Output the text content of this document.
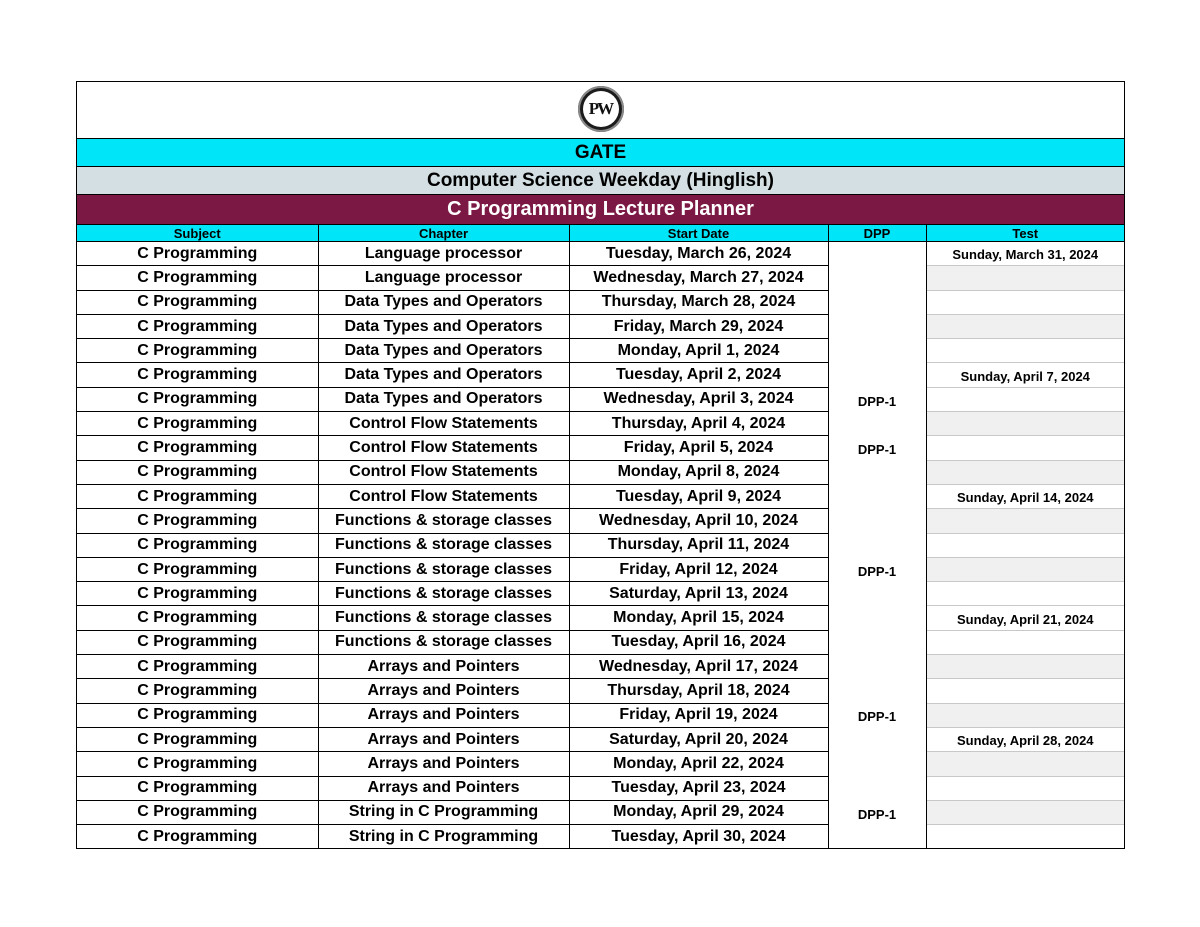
PW
GATE
Computer Science Weekday (Hinglish)
C Programming Lecture Planner
Subject	Chapter	Start Date	DPP	Test
C Programming	Language processor	Tuesday, March 26, 2024		Sunday, March 31, 2024
C Programming	Language processor	Wednesday, March 27, 2024		
C Programming	Data Types and Operators	Thursday, March 28, 2024		
C Programming	Data Types and Operators	Friday, March 29, 2024		
C Programming	Data Types and Operators	Monday, April 1, 2024		
C Programming	Data Types and Operators	Tuesday, April 2, 2024		Sunday, April 7, 2024
C Programming	Data Types and Operators	Wednesday, April 3, 2024	DPP-1	
C Programming	Control Flow Statements	Thursday, April 4, 2024		
C Programming	Control Flow Statements	Friday, April 5, 2024	DPP-1	
C Programming	Control Flow Statements	Monday, April 8, 2024		
C Programming	Control Flow Statements	Tuesday, April 9, 2024		Sunday, April 14, 2024
C Programming	Functions & storage classes	Wednesday, April 10, 2024		
C Programming	Functions & storage classes	Thursday, April 11, 2024		
C Programming	Functions & storage classes	Friday, April 12, 2024	DPP-1	
C Programming	Functions & storage classes	Saturday, April 13, 2024		
C Programming	Functions & storage classes	Monday, April 15, 2024		Sunday, April 21, 2024
C Programming	Functions & storage classes	Tuesday, April 16, 2024		
C Programming	Arrays and Pointers	Wednesday, April 17, 2024		
C Programming	Arrays and Pointers	Thursday, April 18, 2024		
C Programming	Arrays and Pointers	Friday, April 19, 2024	DPP-1	
C Programming	Arrays and Pointers	Saturday, April 20, 2024		Sunday, April 28, 2024
C Programming	Arrays and Pointers	Monday, April 22, 2024		
C Programming	Arrays and Pointers	Tuesday, April 23, 2024		
C Programming	String in C Programming	Monday, April 29, 2024	DPP-1	
C Programming	String in C Programming	Tuesday, April 30, 2024		
